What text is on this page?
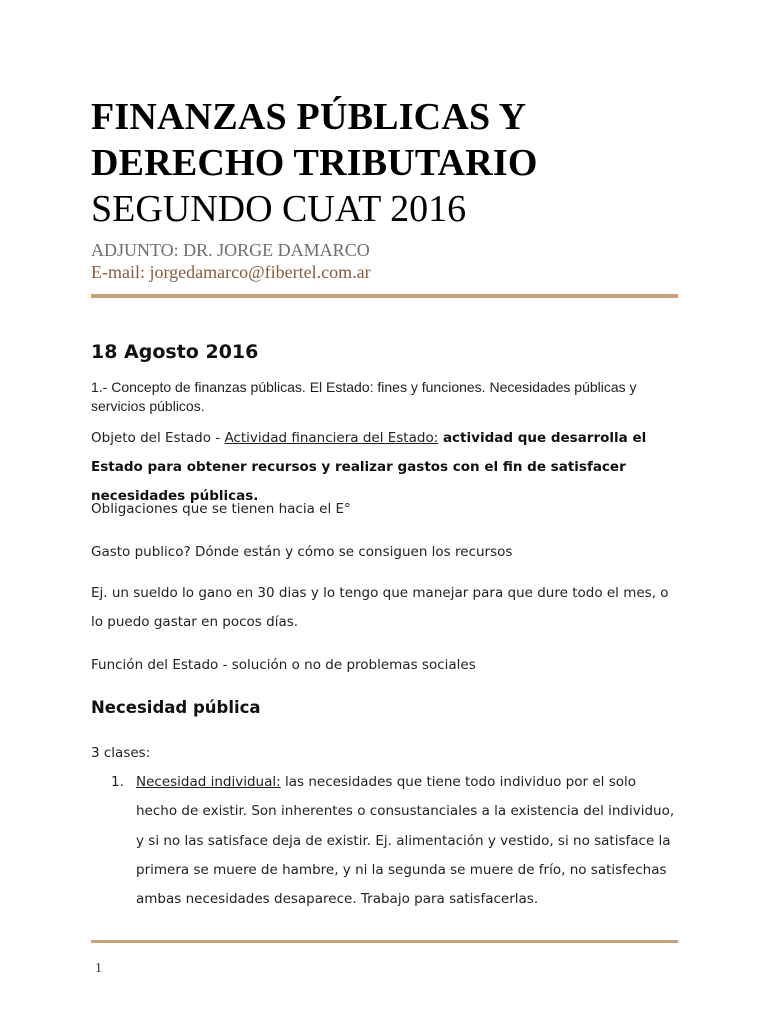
FINANZAS PÚBLICAS Y
DERECHO TRIBUTARIO
SEGUNDO CUAT 2016
ADJUNTO: DR. JORGE DAMARCO
E-mail: jorgedamarco@fibertel.com.ar
18 Agosto 2016
1.- Concepto de finanzas públicas. El Estado: fines y funciones. Necesidades públicas y servicios públicos.
Objeto del Estado - Actividad financiera del Estado: actividad que desarrolla el Estado para obtener recursos y realizar gastos con el fin de satisfacer necesidades públicas.
Obligaciones que se tienen hacia el E°
Gasto publico? Dónde están y cómo se consiguen los recursos
Ej. un sueldo lo gano en 30 dias y lo tengo que manejar para que dure todo el mes, o lo puedo gastar en pocos días.
Función del Estado - solución o no de problemas sociales
Necesidad pública
3 clases:
1. Necesidad individual: las necesidades que tiene todo individuo por el solo hecho de existir. Son inherentes o consustanciales a la existencia del individuo, y si no las satisface deja de existir. Ej. alimentación y vestido, si no satisface la primera se muere de hambre, y ni la segunda se muere de frío, no satisfechas ambas necesidades desaparece. Trabajo para satisfacerlas.
1
